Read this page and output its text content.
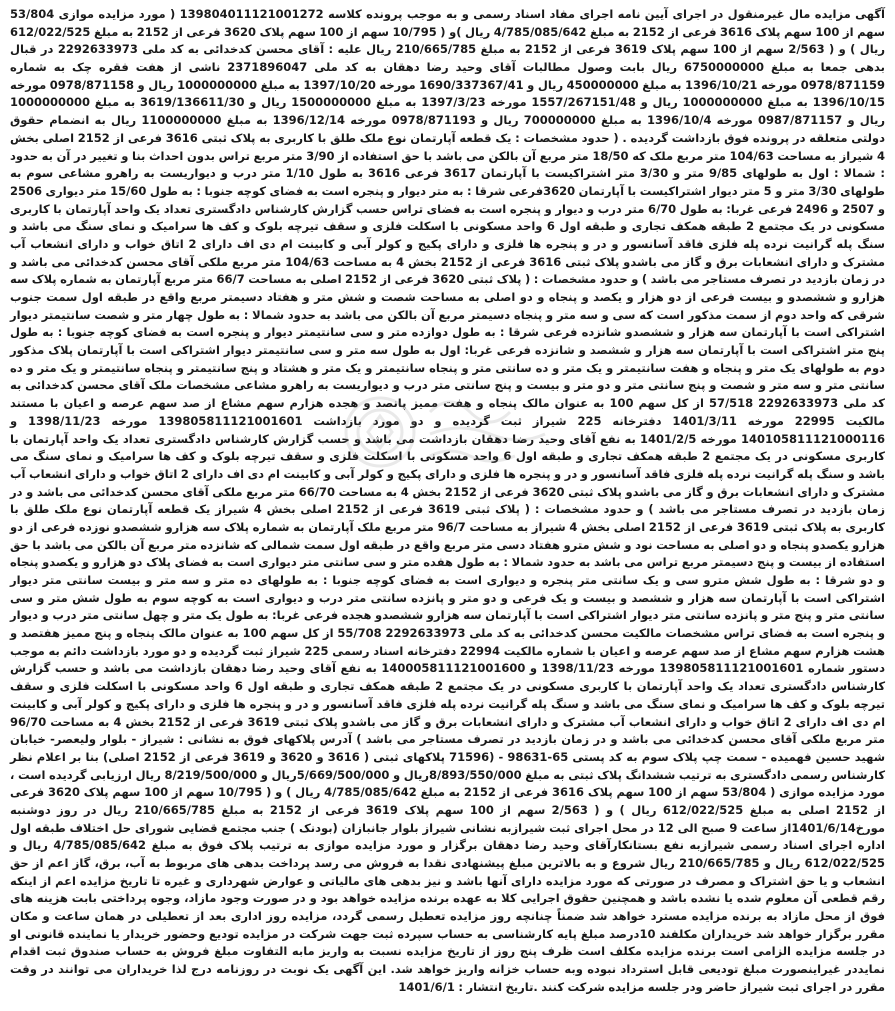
آگهی مزایده مال غیرمنقول در اجرای آیین نامه اجرای مفاد اسناد رسمی و به موجب پرونده کلاسه 139804011121001272 ( مورد مزایده موازی 53/804 سهم از 100 سهم پلاک 3616 فرعی از 2152 به مبلغ 4/785/085/642 ریال )و ( 10/795 سهم از 100 سهم پلاک 3620 فرعی از 2152 به مبلغ 612/022/525 ریال ) و ( 2/563 سهم از 100 سهم پلاک 3619 فرعی از 2152 به مبلغ 210/665/785 ریال علیه : آقای محسن کدخدائی به کد ملی 2292633973 در قبال بدهی جمعا به مبلغ 6750000000 ریال بابت وصول مطالبات آقای وحید رضا دهقان به کد ملی 2371896047 ناشی از هفت فقره چک به شماره 0978/871159 مورخه 1396/10/21 به مبلغ 450000000 ریال و 1690/337367/41 مورخه 1397/10/20 به مبلغ 1000000000 ریال و 0978/871158 مورخه 1396/10/15 به مبلغ 1000000000 ریال و 1557/267151/48 مورخه 1397/3/23 به مبلغ 1500000000 ریال و 3619/136611/30 به مبلغ 1000000000 ریال و 0987/871157 مورخه 1396/10/4 به مبلغ 700000000 ریال و 0978/871193 مورخه 1396/12/14 به مبلغ 1100000000 ریال به انضمام حقوق دولتی متعلقه در پرونده فوق بازداشت گردیده . ( حدود مشخصات : یک قطعه آپارتمان نوع ملک طلق با کاربری به پلاک ثبتی 3616 فرعی از 2152 اصلی بخش 4 شیراز به مساحت 104/63 متر مربع ملک که 18/50 متر مربع آن بالکن می باشد با حق استفاده از 3/90 متر مربع تراس بدون احداث بنا و تغییر در آن به حدود : شمالا : اول به طولهای 9/85 متر و 3/30 متر اشتراکیست با آپارتمان 3617 فرعی 3616 به طول 1/10 متر درب و دیواریست به راهرو مشاعی سوم به طولهای 3/30 متر و 5 متر دیوار اشتراکیست با آپارتمان 3620فرعی شرقا : به متر دیوار و پنجره است به فضای کوچه جنوبا : به طول 15/60 متر دیواری 2506 و 2507 و 2496 فرعی غربا: به طول 6/70 متر درب و دیوار و پنجره است به فضای تراس حسب گزارش کارشناس دادگستری تعداد یک واحد آپارتمان با کاربری مسکونی در یک مجتمع 2 طبقه همکف تجاری و طبقه اول 6 واحد مسکونی با اسکلت فلزی و سقف تیرچه بلوک و کف ها سرامیک و نمای سنگ می باشد و سنگ پله گرانیت نرده پله فلزی فاقد آسانسور و در و پنجره ها فلزی و دارای پکیج و کولر آبی و کابینت ام دی اف دارای 2 اتاق خواب و دارای انشعاب آب مشترک و دارای انشعابات برق و گاز می باشدو پلاک ثبتی 3616 فرعی از 2152 بخش 4 به مساحت 104/63 متر مربع ملکی آقای محسن کدخدائی می باشد و در زمان بازدید در تصرف مستاجر می باشد ) و حدود مشخصات : ( پلاک ثبتی 3620 فرعی از 2152 اصلی به مساحت 66/7 متر مربع آپارتمان به شماره پلاک سه هزارو و ششصدو و بیست فرعی از دو هزار و یکصد و پنجاه و دو اصلی به مساحت شصت و شش متر و هفتاد دسیمتر مربع واقع در طبقه اول سمت جنوب شرقی که واحد دوم از سمت مذکور است که سی و سه متر و پنجاه دسیمتر مربع آن بالکن می باشد به حدود شمالا : به طول چهار متر و شصت سانتیمتر دیوار اشتراکی است با آپارتمان سه هزار و ششصدو شانزده فرعی شرقا : به طول دوازده متر و سی سانتیمتر دیوار و پنجره است به فضای کوچه جنوبا : به طول پنج متر اشتراکی است با آپارتمان سه هزار و ششصد و شانزده فرعی غربا: اول به طول سه متر و سی سانتیمتر دیوار اشتراکی است با آپارتمان پلاک مذکور دوم به طولهای یک متر و پنجاه و هفت سانتیمتر و یک متر و ده سانتی متر و پنجاه سانتیمتر و یک متر و هشتاد و پنج سانتیمتر و پنجاه سانتیمتر و یک متر و ده سانتی متر و سه متر و شصت و پنج سانتی متر و دو متر و بیست و پنج سانتی متر درب و دیواریست به راهرو مشاعی مشخصات ملک آقای محسن کدخدائی به کد ملی 2292633973 57/518 از کل سهم 100 به عنوان مالک پنجاه و هفت ممیز پانصد و هجده هزارم سهم مشاع از صد سهم عرصه و اعیان با مستند مالکیت 22995 مورخه 1401/3/11 دفترخانه 225 شیراز ثبت گردیده و دو مورد بازداشت 139805811121001601 مورخه 1398/11/23 و 140105811121000116 مورخه 1401/2/5 به نفع آقای وحید رضا دهقان بازداشت می باشد و حسب گزارش کارشناس دادگستری تعداد یک واحد آپارتمان با کاربری مسکونی در یک مجتمع 2 طبقه همکف تجاری و طبقه اول 6 واحد مسکونی با اسکلت فلزی و سقف تیرچه بلوک و کف ها سرامیک و نمای سنگ می باشد و سنگ پله گرانیت نرده پله فلزی فاقد آسانسور و در و پنجره ها فلزی و دارای پکیج و کولر آبی و کابینت ام دی اف دارای 2 اتاق خواب و دارای انشعاب آب مشترک و دارای انشعابات برق و گاز می باشدو پلاک ثبتی 3620 فرعی از 2152 بخش 4 به مساحت 66/70 متر مربع ملکی آقای محسن کدخدائی می باشد و در زمان بازدید در تصرف مستاجر می باشد ) و حدود مشخصات : ( پلاک ثبتی 3619 فرعی از 2152 اصلی بخش 4 شیراز یک قطعه آپارتمان نوع ملک طلق با کاربری به پلاک ثبتی 3619 فرعی از 2152 اصلی بخش 4 شیراز به مساحت 96/7 متر مربع ملک آپارتمان به شماره پلاک سه هزارو ششصدو نوزده فرعی از دو هزارو یکصدو پنجاه و دو اصلی به مساحت نود و شش مترو هفتاد دسی متر مربع واقع در طبقه اول سمت شمالی که شانزده متر مربع آن بالکن می باشد با حق استفاده از بیست و پنج دسیمتر مربع تراس می باشد به حدود شمالا : به طول هفده متر و سی سانتی متر دیواری است به فضای پلاک دو هزارو و یکصدو پنجاه و دو شرقا : به طول شش مترو سی و یک سانتی متر پنجره و دیواری است به فضای کوچه جنوبا : به طولهای ده متر و سه متر و بیست سانتی متر دیوار اشتراکی است با آپارتمان سه هزار و ششصد و بیست و یک فرعی و دو متر و پانزده سانتی متر درب و دیواری است به کوچه سوم به طول شش متر و سی سانتی متر و پنج متر و پانزده سانتی متر دیوار اشتراکی است با آپارتمان سه هزارو ششصدو هجده فرعی غربا: به طول یک متر و چهل سانتی متر درب و دیوار و پنجره است به فضای تراس مشخصات مالکیت محسن کدخدائی به کد ملی 2292633973 55/708 از کل سهم 100 به عنوان مالک پنجاه و پنج ممیز هفتصد و هشت هزارم سهم مشاع از صد سهم عرصه و اعیان با شماره مالکیت 22994 دفترخانه اسناد رسمی 225 شیراز ثبت گردیده و دو مورد بازداشت دائم به موجب دستور شماره 139805811121001601 مورخه 1398/11/23 و 140005811121001600 به نفع آقای وحید رضا دهقان بازداشت می باشد و حسب گزارش کارشناس دادگستری تعداد یک واحد آپارتمان با کاربری مسکونی در یک مجتمع 2 طبقه همکف تجاری و طبقه اول 6 واحد مسکونی با اسکلت فلزی و سقف تیرچه بلوک و کف ها سرامیک و نمای سنگ می باشد و سنگ پله گرانیت نرده پله فلزی فاقد آسانسور و در و پنجره ها فلزی و دارای پکیج و کولر آبی و کابینت ام دی اف دارای 2 اتاق خواب و دارای انشعاب آب مشترک و دارای انشعابات برق و گاز می باشدو پلاک ثبتی 3619 فرعی از 2152 بخش 4 به مساحت 96/70 متر مربع ملکی آقای محسن کدخدائی می باشد و در زمان بازدید در تصرف مستاجر می باشد ) آدرس پلاکهای فوق به نشانی : شیراز - بلوار ولیعصر- خیابان شهید حسین فهمیده - سمت چپ پلاک سوم به کد پستی 65-98631 - (71596 پلاکهای ثبتی ( 3616 و 3620 و 3619 فرعی از 2152 اصلی) بنا بر اعلام نظر کارشناس رسمی دادگستری به ترتیب ششدانگ پلاک ثبتی به مبلغ 8/893/550/000ریال و 5/669/500/000ریال و 8/219/500/000 ریال ارزیابی گردیده است ، مورد مزایده موازی ( 53/804 سهم از 100 سهم پلاک 3616 فرعی از 2152 به مبلغ 4/785/085/642 ریال ) و ( 10/795 سهم از 100 سهم پلاک 3620 فرعی از 2152 اصلی به مبلغ 612/022/525 ریال ) و ( 2/563 سهم از 100 سهم پلاک 3619 فرعی از 2152 به مبلغ 210/665/785 ریال در روز دوشنبه مورخ1401/6/14از ساعت 9 صبح الی 12 در محل اجرای ثبت شیرازبه نشانی شیراز بلوار جانبازان (بودنک ) جنب مجتمع قضایی شورای حل اختلاف طبقه اول اداره اجرای اسناد رسمی شیرازبه نفع بستانکارآقای وحید رضا دهقان برگزار و مورد مزایده موازی به ترتیب پلاک فوق به مبلغ 4/785/085/642 ریال و 612/022/525 ریال و 210/665/785 ریال شروع و به بالاترین مبلغ پیشنهادی نقدا به فروش می رسد پرداخت بدهی های مربوط به آب، برق، گاز اعم از حق انشعاب و یا حق اشتراک و مصرف در صورتی که مورد مزایده دارای آنها باشد و نیز بدهی های مالیاتی و عوارض شهرداری و غیره تا تاریخ مزایده اعم از اینکه رقم قطعی آن معلوم شده یا نشده باشد و همچنین حقوق اجرایی کلا به عهده برنده مزایده خواهد بود و در صورت وجود مازاد، وجوه پرداختی بابت هزینه های فوق از محل مازاد به برنده مزایده مسترد خواهد شد ضمناً چنانچه روز مزایده تعطیل رسمی گردد، مزایده روز اداری بعد از تعطیلی در همان ساعت و مکان مقرر برگزار خواهد شد خریداران مکلفند 10درصد مبلغ پایه کارشناسی به حساب سپرده ثبت جهت شرکت در مزایده تودیع وحضور خریدار یا نماینده قانونی او در جلسه مزایده الزامی است برنده مزایده مکلف است ظرف پنج روز از تاریخ مزایده نسبت به واریز مابه التفاوت مبلغ فروش به حساب صندوق ثبت اقدام نمایددر غیراینصورت مبلغ تودیعی قابل استرداد نبوده وبه حساب خزانه واریز خواهد شد. این آگهی یک نوبت در روزنامه درج لذا خریداران می توانند در وقت مقرر در اجرای ثبت شیراز حاضر ودر جلسه مزایده شرکت کنند .تاریخ انتشار : 1401/6/1
